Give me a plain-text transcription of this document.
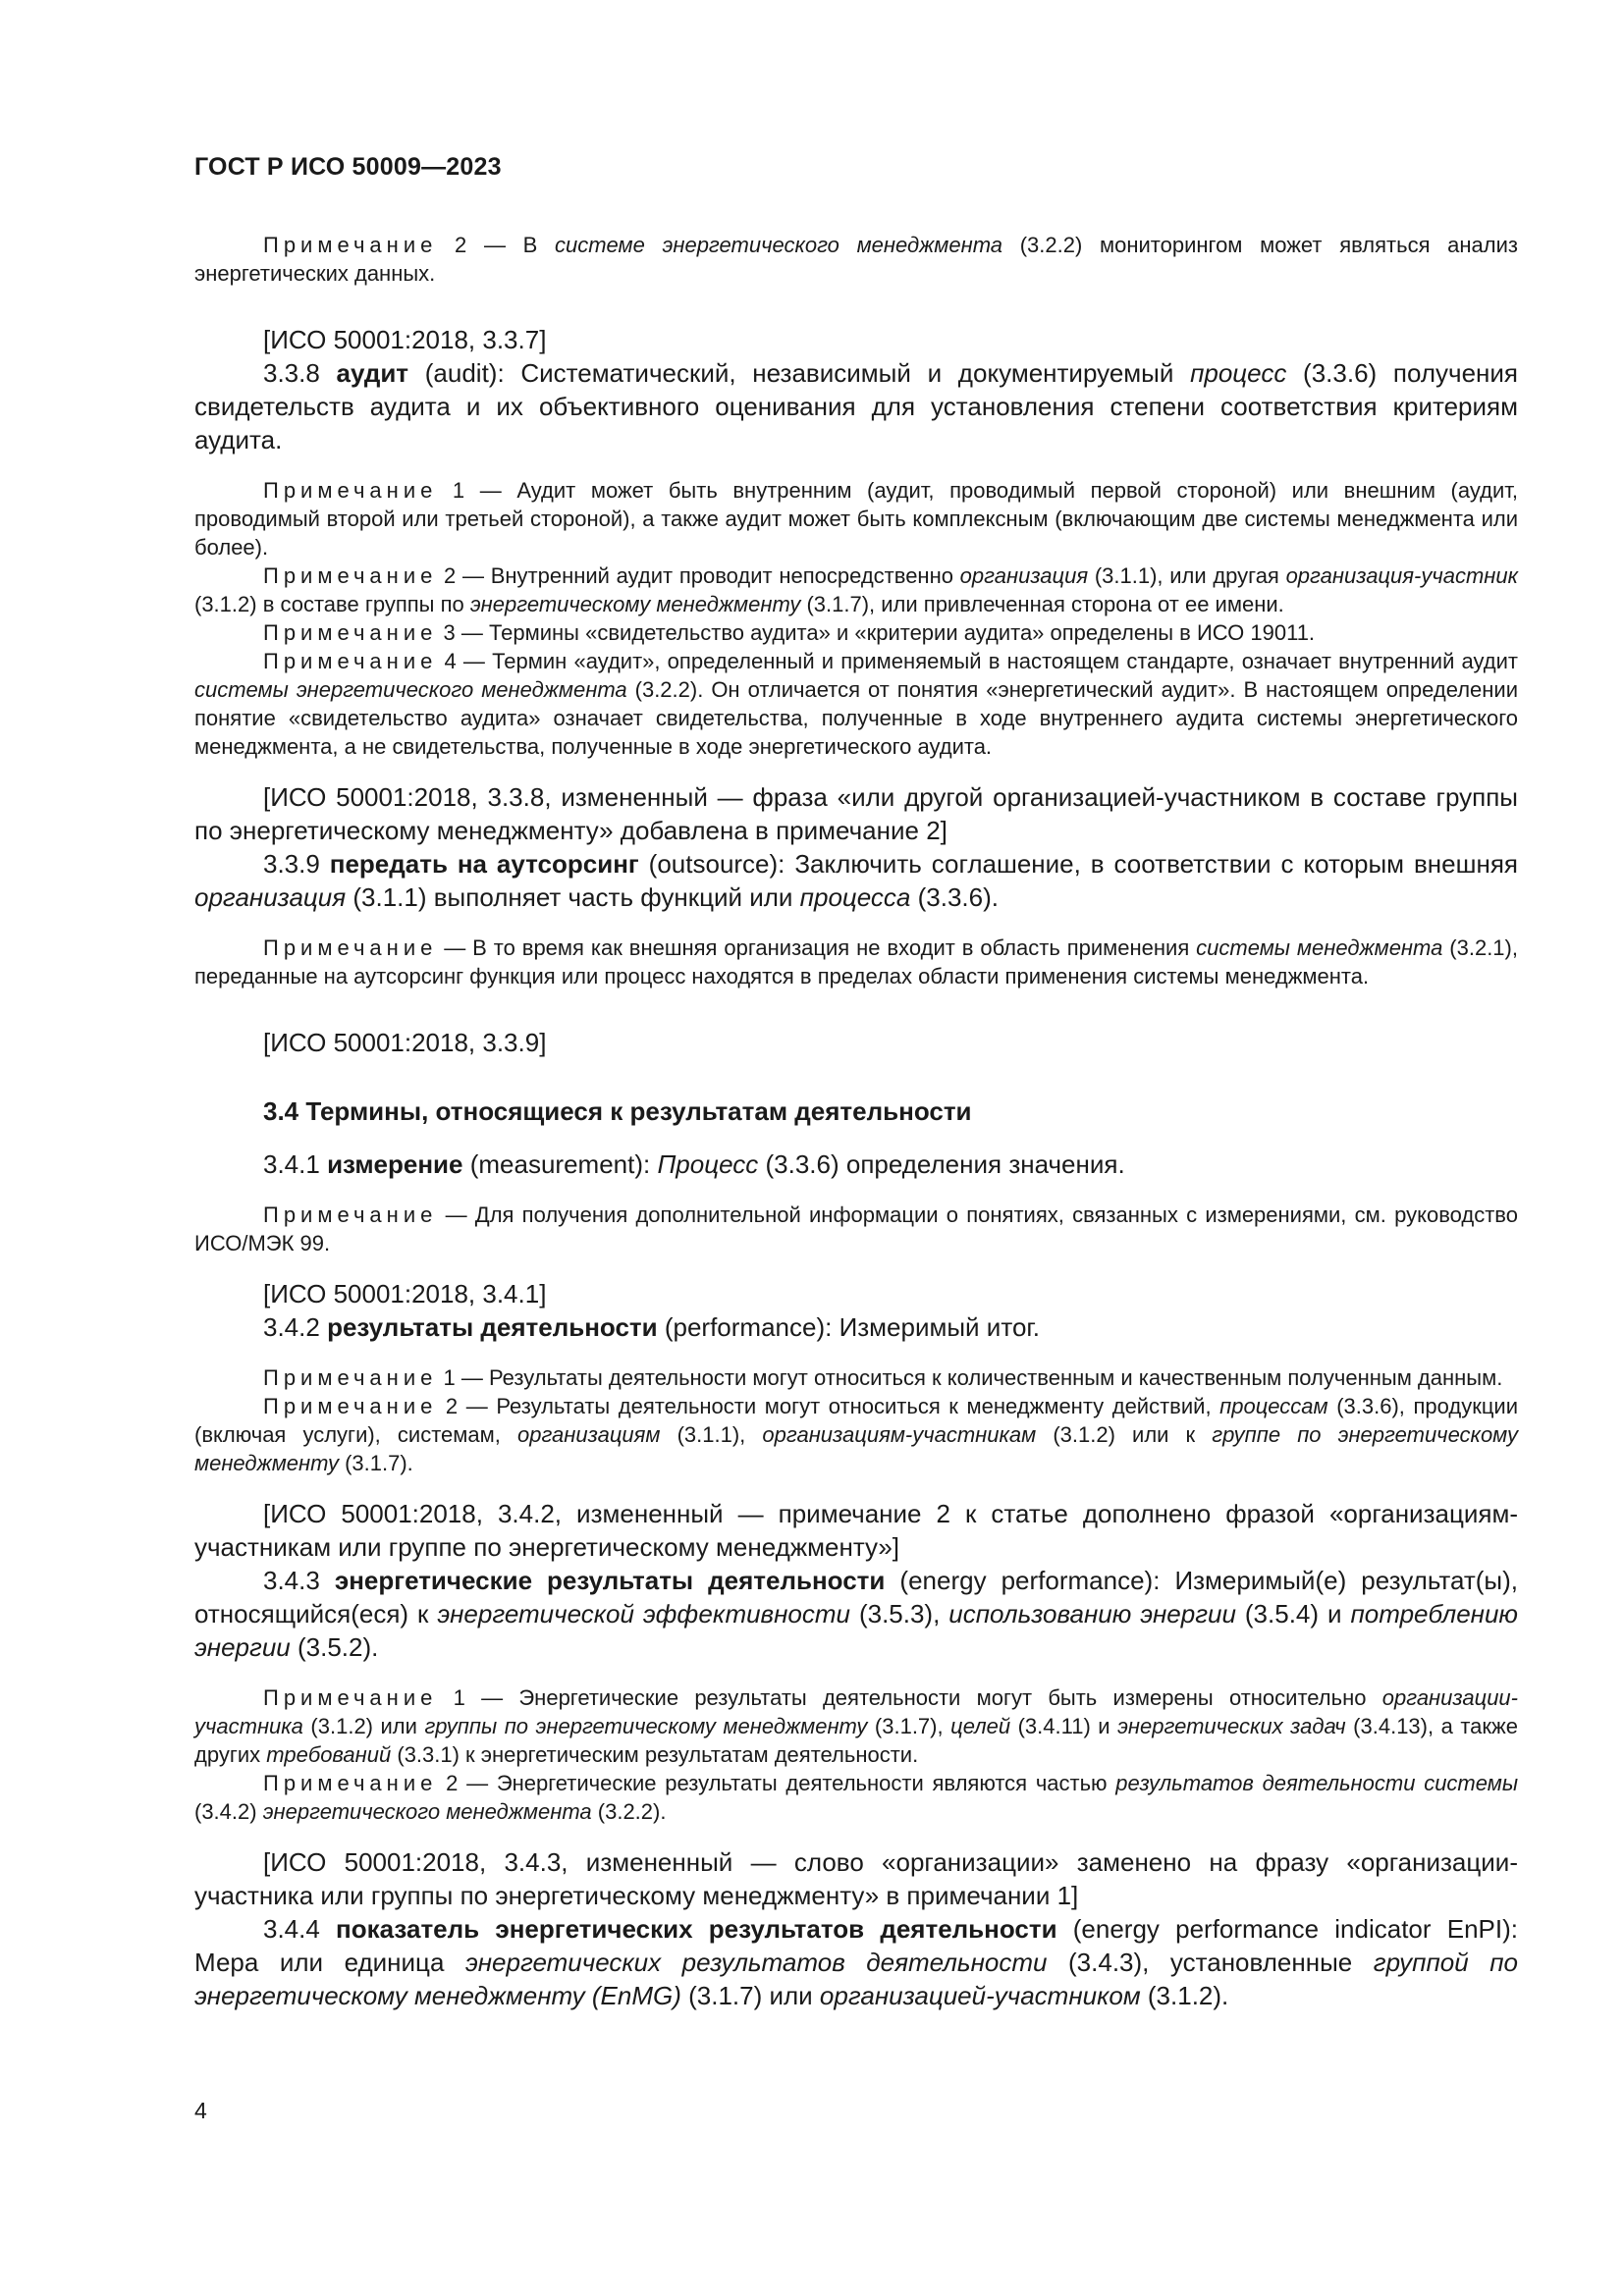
ГОСТ Р ИСО 50009—2023

Примечание 2 — В системе энергетического менеджмента (3.2.2) мониторингом может являться анализ энергетических данных.

[ИСО 50001:2018, 3.3.7]

3.3.8 аудит (audit): Систематический, независимый и документируемый процесс (3.3.6) получения свидетельств аудита и их объективного оценивания для установления степени соответствия критериям аудита.

Примечание 1 — Аудит может быть внутренним (аудит, проводимый первой стороной) или внешним (аудит, проводимый второй или третьей стороной), а также аудит может быть комплексным (включающим две системы менеджмента или более).

Примечание 2 — Внутренний аудит проводит непосредственно организация (3.1.1), или другая организация-участник (3.1.2) в составе группы по энергетическому менеджменту (3.1.7), или привлеченная сторона от ее имени.

Примечание 3 — Термины «свидетельство аудита» и «критерии аудита» определены в ИСО 19011.

Примечание 4 — Термин «аудит», определенный и применяемый в настоящем стандарте, означает внутренний аудит системы энергетического менеджмента (3.2.2). Он отличается от понятия «энергетический аудит». В настоящем определении понятие «свидетельство аудита» означает свидетельства, полученные в ходе внутреннего аудита системы энергетического менеджмента, а не свидетельства, полученные в ходе энергетического аудита.

[ИСО 50001:2018, 3.3.8, измененный — фраза «или другой организацией-участником в составе группы по энергетическому менеджменту» добавлена в примечание 2]

3.3.9 передать на аутсорсинг (outsource): Заключить соглашение, в соответствии с которым внешняя организация (3.1.1) выполняет часть функций или процесса (3.3.6).

Примечание — В то время как внешняя организация не входит в область применения системы менеджмента (3.2.1), переданные на аутсорсинг функция или процесс находятся в пределах области применения системы менеджмента.

[ИСО 50001:2018, 3.3.9]

3.4 Термины, относящиеся к результатам деятельности

3.4.1 измерение (measurement): Процесс (3.3.6) определения значения.

Примечание — Для получения дополнительной информации о понятиях, связанных с измерениями, см. руководство ИСО/МЭК 99.

[ИСО 50001:2018, 3.4.1]

3.4.2 результаты деятельности (performance): Измеримый итог.

Примечание 1 — Результаты деятельности могут относиться к количественным и качественным полученным данным.

Примечание 2 — Результаты деятельности могут относиться к менеджменту действий, процессам (3.3.6), продукции (включая услуги), системам, организациям (3.1.1), организациям-участникам (3.1.2) или к группе по энергетическому менеджменту (3.1.7).

[ИСО 50001:2018, 3.4.2, измененный — примечание 2 к статье дополнено фразой «организациям-участникам или группе по энергетическому менеджменту»]

3.4.3 энергетические результаты деятельности (energy performance): Измеримый(е) результат(ы), относящийся(еся) к энергетической эффективности (3.5.3), использованию энергии (3.5.4) и потреблению энергии (3.5.2).

Примечание 1 — Энергетические результаты деятельности могут быть измерены относительно организации-участника (3.1.2) или группы по энергетическому менеджменту (3.1.7), целей (3.4.11) и энергетических задач (3.4.13), а также других требований (3.3.1) к энергетическим результатам деятельности.

Примечание 2 — Энергетические результаты деятельности являются частью результатов деятельности системы (3.4.2) энергетического менеджмента (3.2.2).

[ИСО 50001:2018, 3.4.3, измененный — слово «организации» заменено на фразу «организации-участника или группы по энергетическому менеджменту» в примечании 1]

3.4.4 показатель энергетических результатов деятельности (energy performance indicator EnPI): Мера или единица энергетических результатов деятельности (3.4.3), установленные группой по энергетическому менеджменту (EnMG) (3.1.7) или организацией-участником (3.1.2).

4
